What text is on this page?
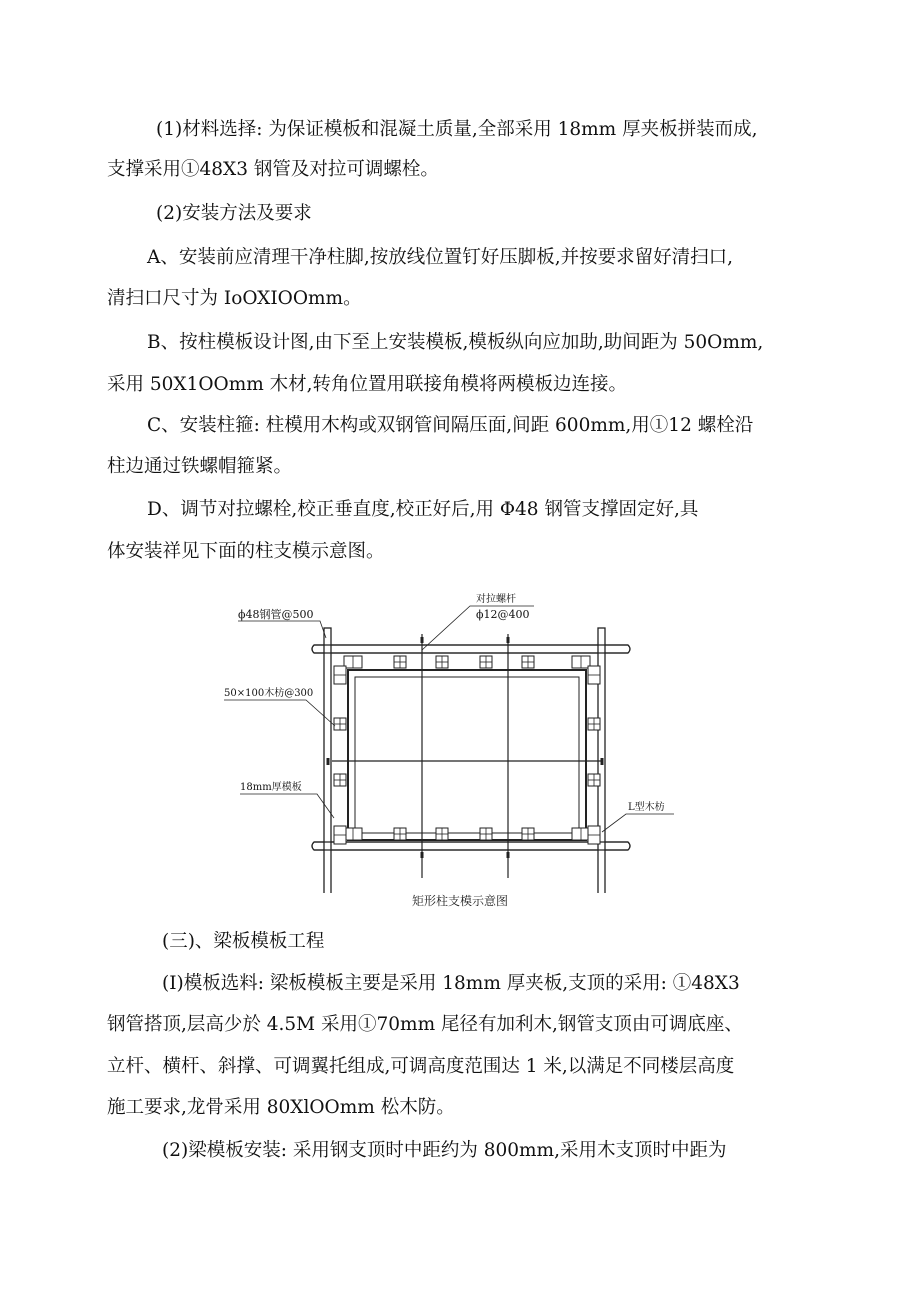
(1)材料选择: 为保证模板和混凝土质量,全部采用 18mm 厚夹板拼装而成,
支撑采用①48X3 钢管及对拉可调螺栓。
(2)安装方法及要求
A、安装前应清理干净柱脚,按放线位置钉好压脚板,并按要求留好清扫口,
清扫口尺寸为 IoOXIOOmm。
B、按柱模板设计图,由下至上安装模板,模板纵向应加助,助间距为 50Omm,
采用 50X1OOmm 木材,转角位置用联接角模将两模板边连接。
C、安装柱箍: 柱模用木构或双钢管间隔压面,间距 600mm,用①12 螺栓沿
柱边通过铁螺帽箍紧。
D、调节对拉螺栓,校正垂直度,校正好后,用 Φ48 钢管支撑固定好,具
体安装祥见下面的柱支模示意图。
ϕ48钢管@500
对拉螺杆
ϕ12@400
50×100木枋@300
18mm厚模板
L型木枋
矩形柱支模示意图
(三)、梁板模板工程
(I)模板选料: 梁板模板主要是采用 18mm 厚夹板,支顶的采用: ①48X3
钢管搭顶,层高少於 4.5M 采用①70mm 尾径有加利木,钢管支顶由可调底座、
立杆、横杆、斜撑、可调翼托组成,可调高度范围达 1 米,以满足不同楼层高度
施工要求,龙骨采用 80XlOOmm 松木防。
(2)梁模板安装: 采用钢支顶时中距约为 800mm,采用木支顶时中距为
